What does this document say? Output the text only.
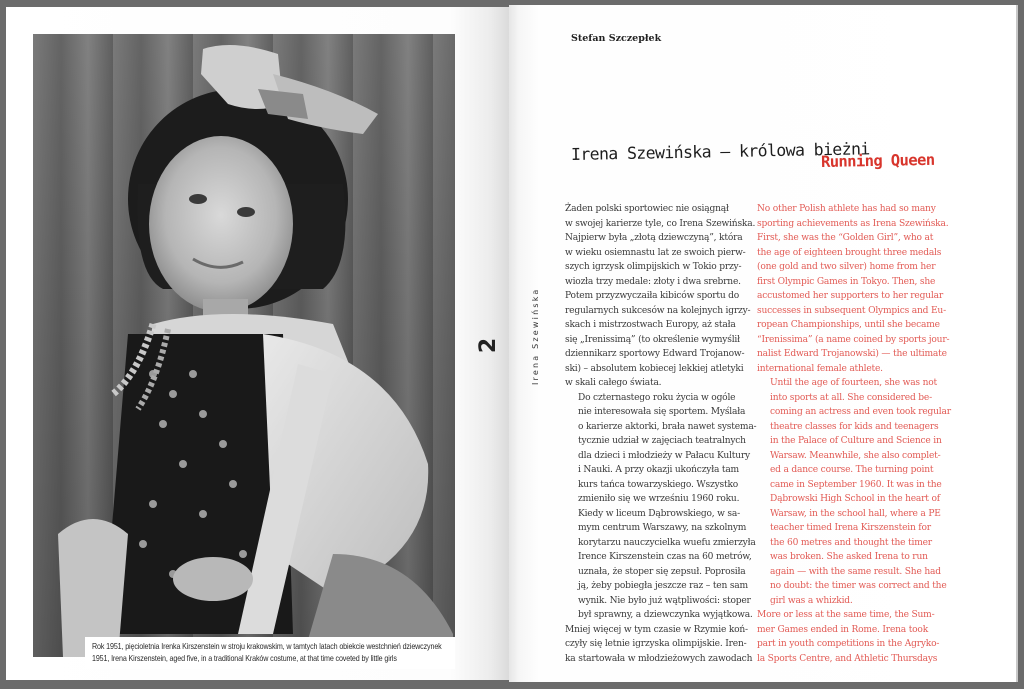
Rok 1951, pięcioletnia Irenka Kirszenstein w stroju krakowskim, w tamtych latach obiekcie westchnień dziewczynek

1951, Irena Kirszenstein, aged five, in a traditional Kraków costume, at that time coveted by little girls

Stefan Szczepłek
2	Irena Szewińska
Irena Szewińska – królowa bieżni
Running Queen
Żaden polski sportowiec nie osiągnął
w swojej karierze tyle, co Irena Szewińska.
Najpierw była „złotą dziewczyną”, która
w wieku osiemnastu lat ze swoich pierw-
szych igrzysk olimpijskich w Tokio przy-
wiozła trzy medale: złoty i dwa srebrne.
Potem przyzwyczaiła kibiców sportu do
regularnych sukcesów na kolejnych igrzy-
skach i mistrzostwach Europy, aż stała
się „Irenissimą” (to określenie wymyślił
dziennikarz sportowy Edward Trojanow-
ski) – absolutem kobiecej lekkiej atletyki
w skali całego świata.
Do czternastego roku życia w ogóle
nie interesowała się sportem. Myślała
o karierze aktorki, brała nawet systema-
tycznie udział w zajęciach teatralnych
dla dzieci i młodzieży w Pałacu Kultury
i Nauki. A przy okazji ukończyła tam
kurs tańca towarzyskiego. Wszystko
zmieniło się we wrześniu 1960 roku.
Kiedy w liceum Dąbrowskiego, w sa-
mym centrum Warszawy, na szkolnym
korytarzu nauczycielka wuefu zmierzyła
Irence Kirszenstein czas na 60 metrów,
uznała, że stoper się zepsuł. Poprosiła
ją, żeby pobiegła jeszcze raz – ten sam
wynik. Nie było już wątpliwości: stoper
był sprawny, a dziewczynka wyjątkowa.
Mniej więcej w tym czasie w Rzymie koń-
czyły się letnie igrzyska olimpijskie. Iren-
ka startowała w młodzieżowych zawodach
No other Polish athlete has had so many
sporting achievements as Irena Szewińska.
First, she was the “Golden Girl”, who at
the age of eighteen brought three medals
(one gold and two silver) home from her
first Olympic Games in Tokyo. Then, she
accustomed her supporters to her regular
successes in subsequent Olympics and Eu-
ropean Championships, until she became
“Irenissima” (a name coined by sports jour-
nalist Edward Trojanowski) — the ultimate
international female athlete.
Until the age of fourteen, she was not
into sports at all. She considered be-
coming an actress and even took regular
theatre classes for kids and teenagers
in the Palace of Culture and Science in
Warsaw. Meanwhile, she also complet-
ed a dance course. The turning point
came in September 1960. It was in the
Dąbrowski High School in the heart of
Warsaw, in the school hall, where a PE
teacher timed Irena Kirszenstein for
the 60 metres and thought the timer
was broken. She asked Irena to run
again — with the same result. She had
no doubt: the timer was correct and the
girl was a whizkid.
More or less at the same time, the Sum-
mer Games ended in Rome. Irena took
part in youth competitions in the Agryko-
la Sports Centre, and Athletic Thursdays
